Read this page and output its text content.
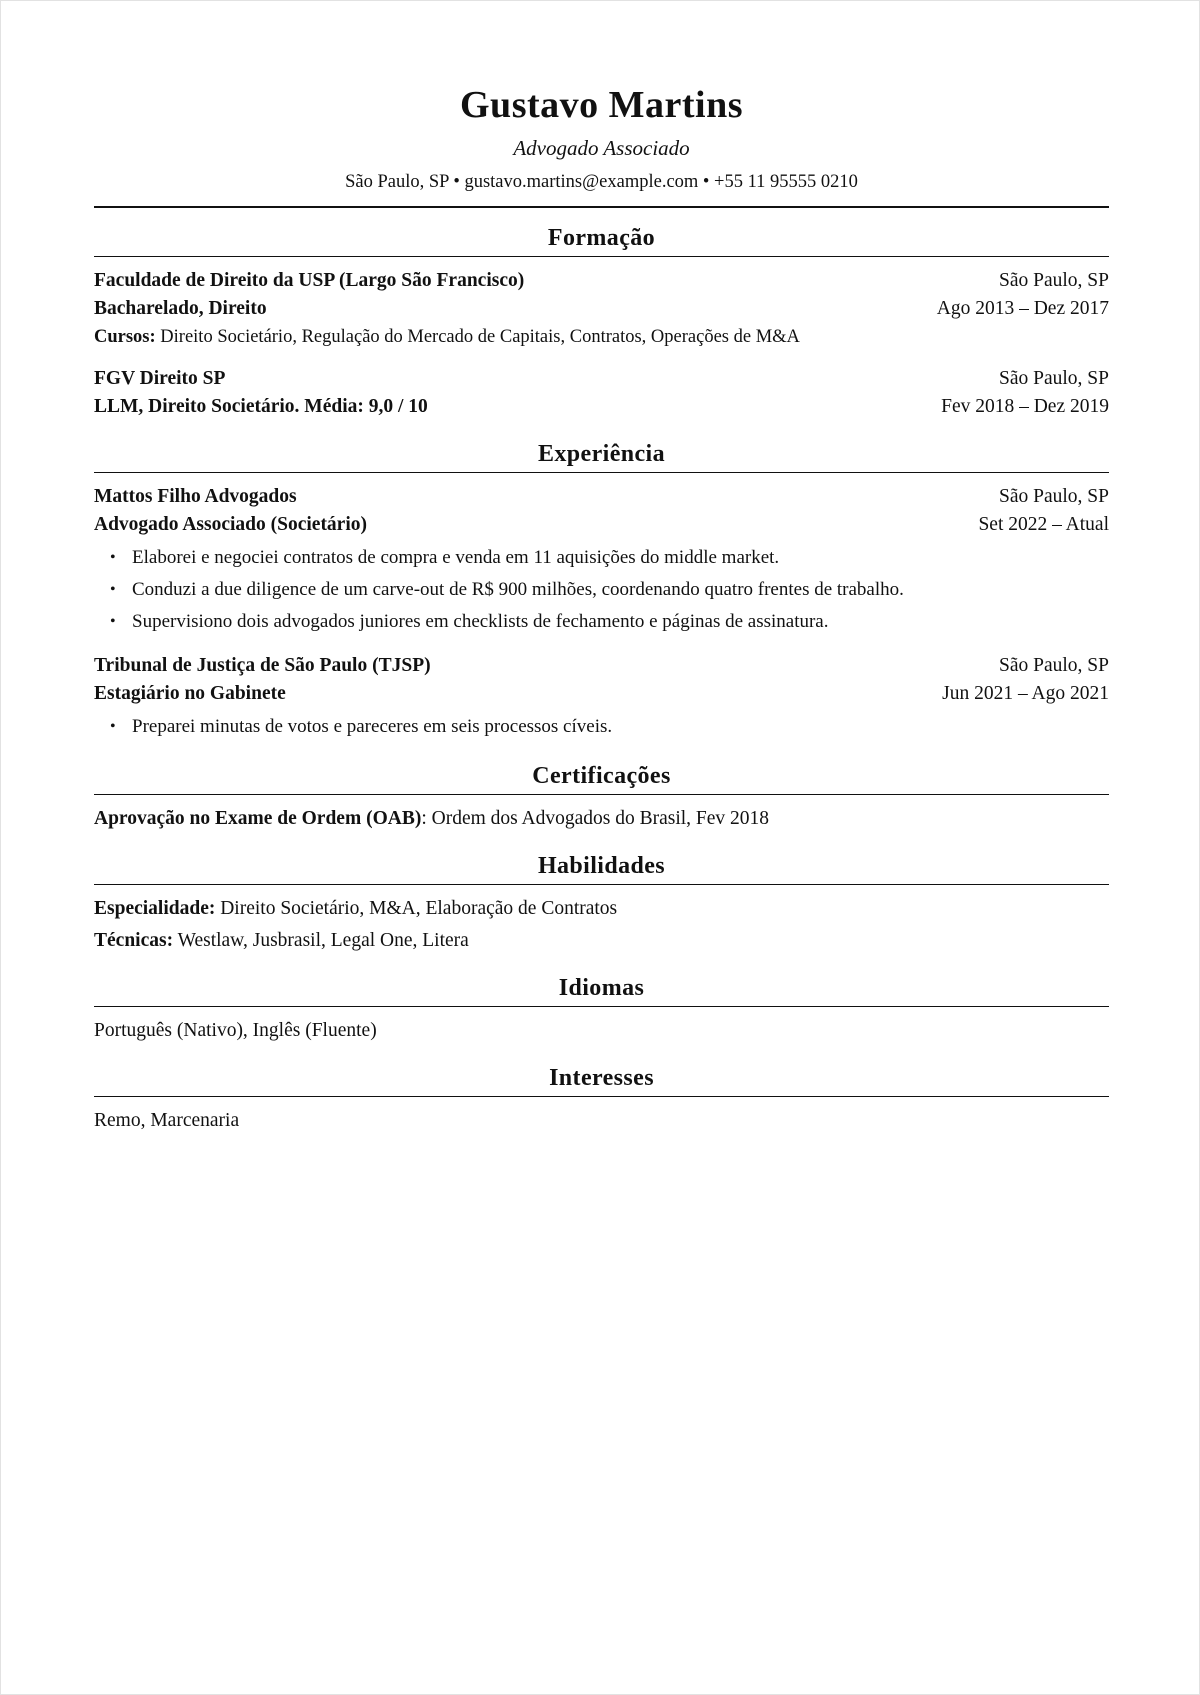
Gustavo Martins
Advogado Associado
São Paulo, SP • gustavo.martins@example.com • +55 11 95555 0210
Formação
Faculdade de Direito da USP (Largo São Francisco)	São Paulo, SP
Bacharelado, Direito	Ago 2013 – Dez 2017
Cursos: Direito Societário, Regulação do Mercado de Capitais, Contratos, Operações de M&A
FGV Direito SP	São Paulo, SP
LLM, Direito Societário. Média: 9,0 / 10	Fev 2018 – Dez 2019
Experiência
Mattos Filho Advogados	São Paulo, SP
Advogado Associado (Societário)	Set 2022 – Atual
• Elaborei e negociei contratos de compra e venda em 11 aquisições do middle market.
• Conduzi a due diligence de um carve-out de R$ 900 milhões, coordenando quatro frentes de trabalho.
• Supervisiono dois advogados juniores em checklists de fechamento e páginas de assinatura.
Tribunal de Justiça de São Paulo (TJSP)	São Paulo, SP
Estagiário no Gabinete	Jun 2021 – Ago 2021
• Preparei minutas de votos e pareceres em seis processos cíveis.
Certificações
Aprovação no Exame de Ordem (OAB): Ordem dos Advogados do Brasil, Fev 2018
Habilidades
Especialidade: Direito Societário, M&A, Elaboração de Contratos
Técnicas: Westlaw, Jusbrasil, Legal One, Litera
Idiomas
Português (Nativo), Inglês (Fluente)
Interesses
Remo, Marcenaria
